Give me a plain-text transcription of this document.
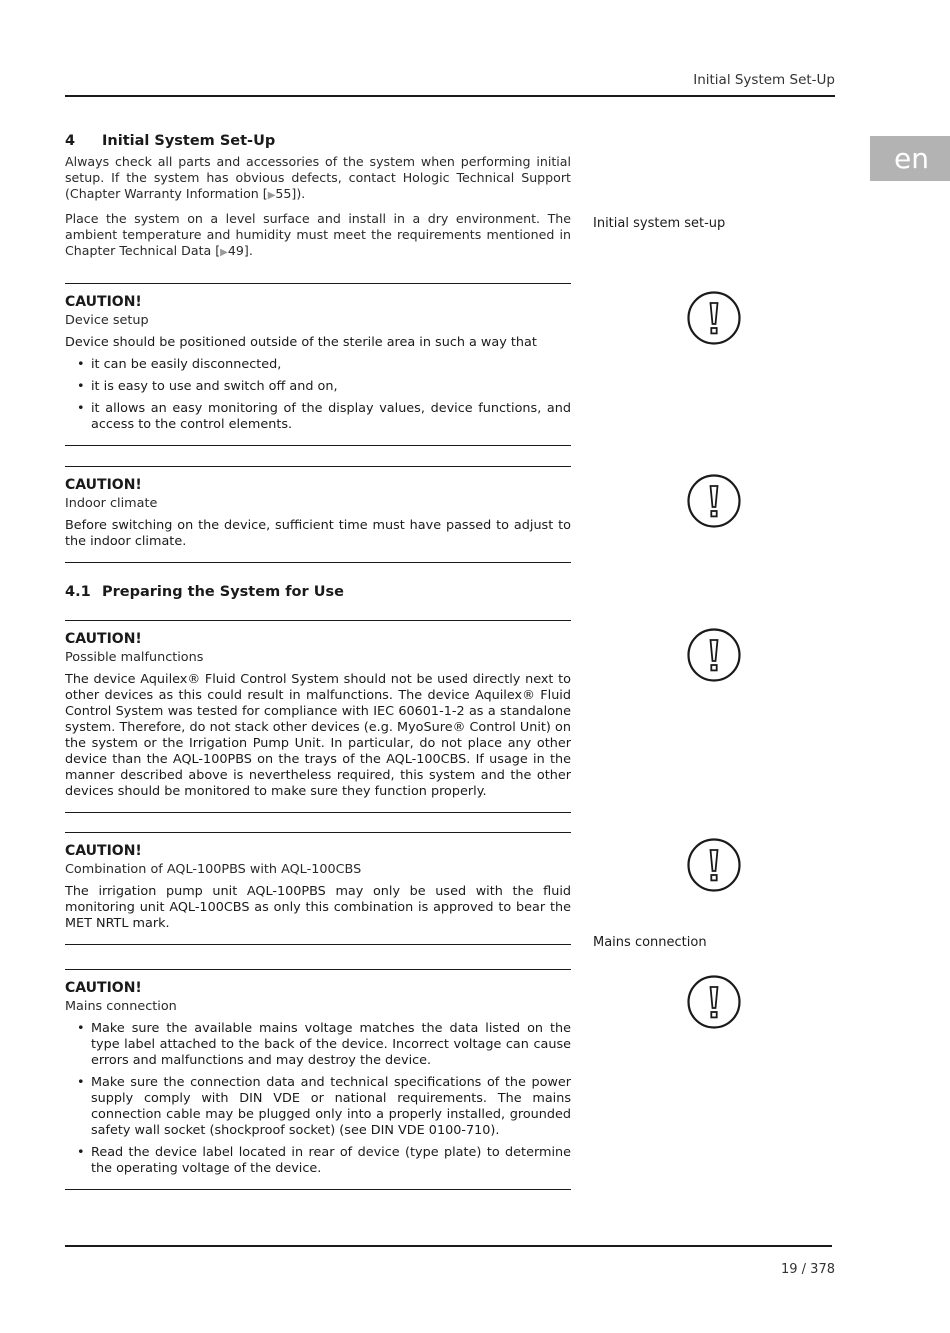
Initial System Set-Up
en
4	Initial System Set-Up

Always check all parts and accessories of the system when performing initial setup. If the system has obvious defects, contact Hologic Technical Support (Chapter Warranty Information [▶55]).

Place the system on a level surface and install in a dry environment. The ambient temperature and humidity must meet the requirements mentioned in Chapter Technical Data [▶49].

Initial system set-up
CAUTION!
Device setup
Device should be positioned outside of the sterile area in such a way that
• it can be easily disconnected,
• it is easy to use and switch off and on,
• it allows an easy monitoring of the display values, device functions, and access to the control elements.
CAUTION!
Indoor climate
Before switching on the device, sufficient time must have passed to adjust to the indoor climate.
4.1 Preparing the System for Use
CAUTION!
Possible malfunctions
The device Aquilex® Fluid Control System should not be used directly next to other devices as this could result in malfunctions. The device Aquilex® Fluid Control System was tested for compliance with IEC 60601-1-2 as a standalone system. Therefore, do not stack other devices (e.g. MyoSure® Control Unit) on the system or the Irrigation Pump Unit. In particular, do not place any other device than the AQL-100PBS on the trays of the AQL-100CBS. If usage in the manner described above is nevertheless required, this system and the other devices should be monitored to make sure they function properly.
CAUTION!
Combination of AQL-100PBS with AQL-100CBS
The irrigation pump unit AQL-100PBS may only be used with the fluid monitoring unit AQL-100CBS as only this combination is approved to bear the MET NRTL mark.
Mains connection
CAUTION!
Mains connection
• Make sure the available mains voltage matches the data listed on the type label attached to the back of the device. Incorrect voltage can cause errors and malfunctions and may destroy the device.
• Make sure the connection data and technical specifications of the power supply comply with DIN VDE or national requirements. The mains connection cable may be plugged only into a properly installed, grounded safety wall socket (shockproof socket) (see DIN VDE 0100-710).
• Read the device label located in rear of device (type plate) to determine the operating voltage of the device.
19 / 378
